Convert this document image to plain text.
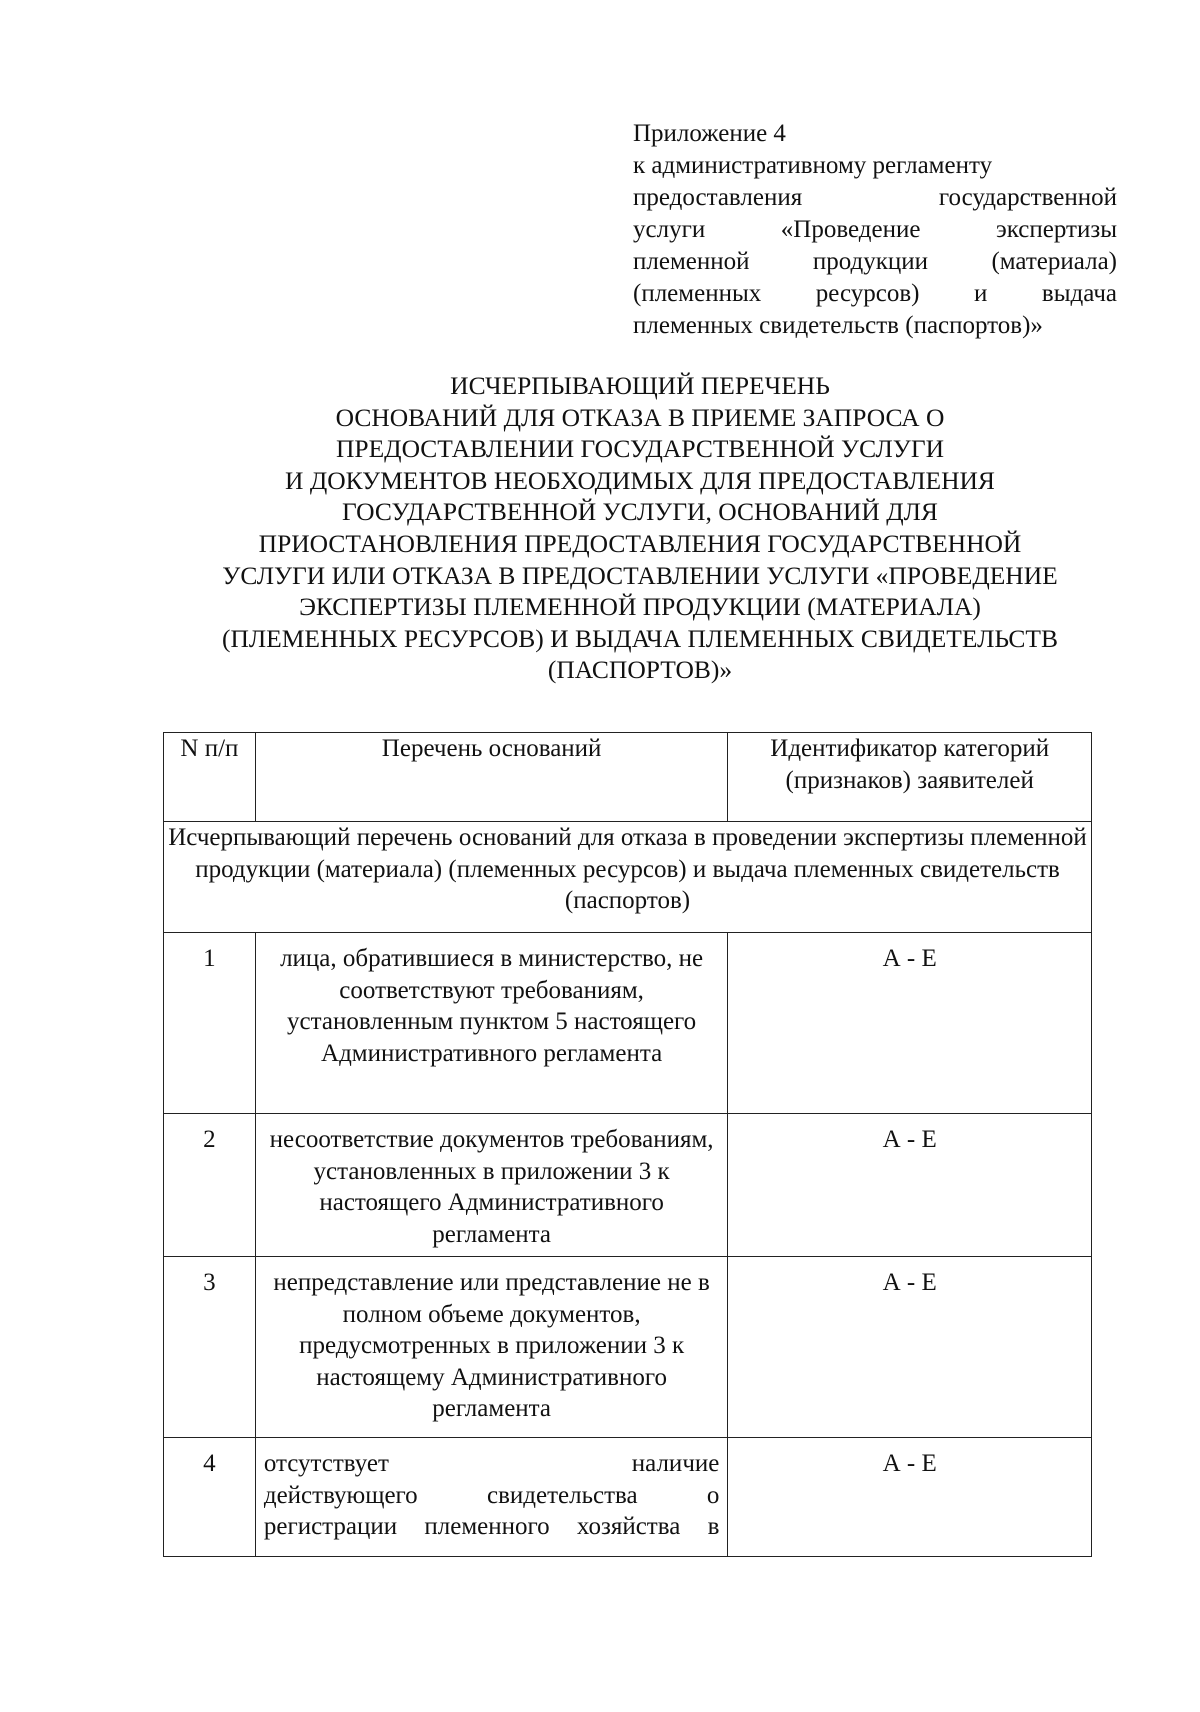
Приложение 4
к административному регламенту
предоставления государственной
услуги «Проведение экспертизы
племенной продукции (материала)
(племенных ресурсов) и выдача
племенных свидетельств (паспортов)»
ИСЧЕРПЫВАЮЩИЙ ПЕРЕЧЕНЬ
ОСНОВАНИЙ ДЛЯ ОТКАЗА В ПРИЕМЕ ЗАПРОСА О
ПРЕДОСТАВЛЕНИИ ГОСУДАРСТВЕННОЙ УСЛУГИ
И ДОКУМЕНТОВ НЕОБХОДИМЫХ ДЛЯ ПРЕДОСТАВЛЕНИЯ
ГОСУДАРСТВЕННОЙ УСЛУГИ, ОСНОВАНИЙ ДЛЯ
ПРИОСТАНОВЛЕНИЯ ПРЕДОСТАВЛЕНИЯ ГОСУДАРСТВЕННОЙ
УСЛУГИ ИЛИ ОТКАЗА В ПРЕДОСТАВЛЕНИИ УСЛУГИ «ПРОВЕДЕНИЕ
ЭКСПЕРТИЗЫ ПЛЕМЕННОЙ ПРОДУКЦИИ (МАТЕРИАЛА)
(ПЛЕМЕННЫХ РЕСУРСОВ) И ВЫДАЧА ПЛЕМЕННЫХ СВИДЕТЕЛЬСТВ
(ПАСПОРТОВ)»
N п/п	Перечень оснований	Идентификатор категорий (признаков) заявителей
Исчерпывающий перечень оснований для отказа в проведении экспертизы племенной продукции (материала) (племенных ресурсов) и выдача племенных свидетельств (паспортов)		
1	лица, обратившиеся в министерство, не соответствуют требованиям, установленным пунктом 5 настоящего Административного регламента	А - Е
2	несоответствие документов требованиям, установленных в приложении 3 к настоящего Административного регламента	А - Е
3	непредставление или представление не в полном объеме документов, предусмотренных в приложении 3 к настоящему Административного регламента	А - Е
4	отсутствует наличие
действующего свидетельства о
регистрации племенного хозяйства в	А - Е
